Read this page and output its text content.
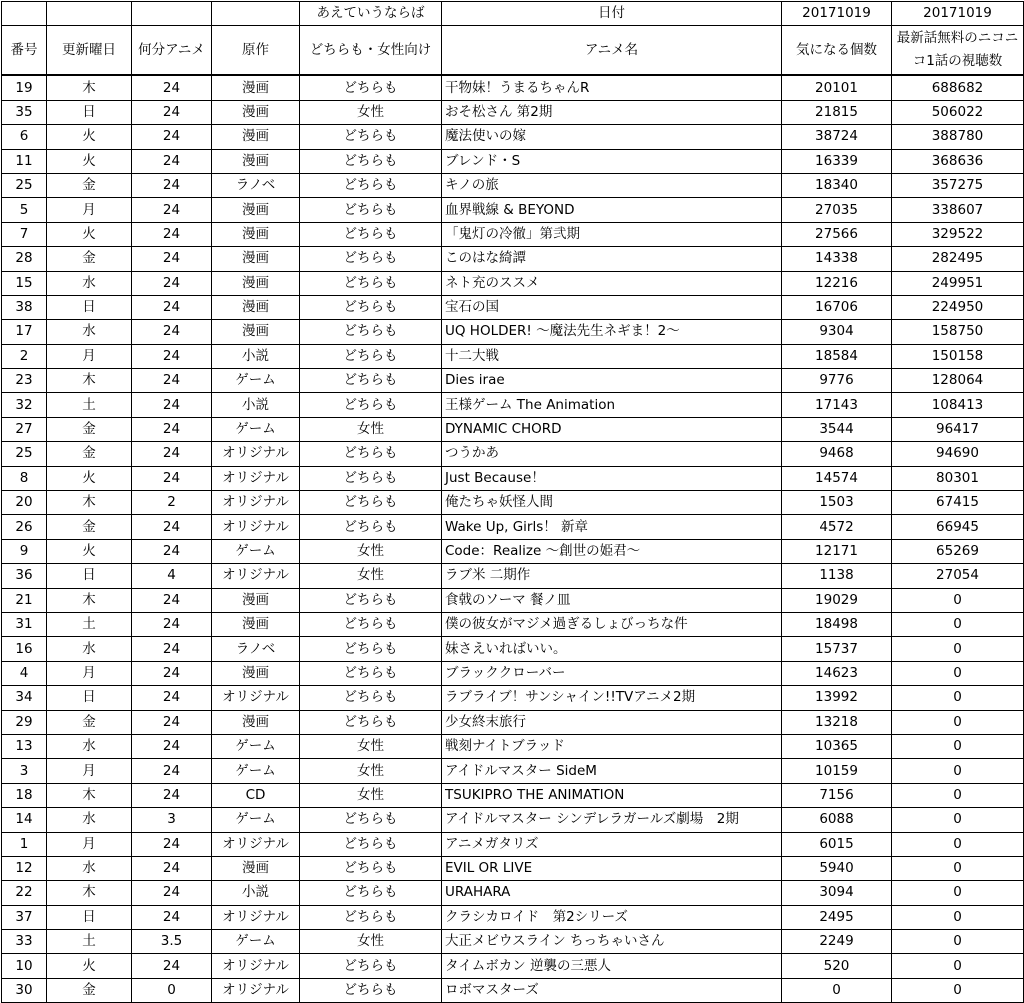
				あえていうならば	日付	20171019	20171019
番号	更新曜日	何分アニメ	原作	どちらも・女性向け	アニメ名	気になる個数	最新話無料のニコニコ1話の視聴数
19	木	24	漫画	どちらも	干物妹！うまるちゃんR	20101	688682
35	日	24	漫画	女性	おそ松さん 第2期	21815	506022
6	火	24	漫画	どちらも	魔法使いの嫁	38724	388780
11	火	24	漫画	どちらも	ブレンド・S	16339	368636
25	金	24	ラノベ	どちらも	キノの旅	18340	357275
5	月	24	漫画	どちらも	血界戦線 & BEYOND	27035	338607
7	火	24	漫画	どちらも	「鬼灯の冷徹」第弐期	27566	329522
28	金	24	漫画	どちらも	このはな綺譚	14338	282495
15	水	24	漫画	どちらも	ネト充のススメ	12216	249951
38	日	24	漫画	どちらも	宝石の国	16706	224950
17	水	24	漫画	どちらも	UQ HOLDER! ～魔法先生ネギま！2～	9304	158750
2	月	24	小説	どちらも	十二大戦	18584	150158
23	木	24	ゲーム	どちらも	Dies irae	9776	128064
32	土	24	小説	どちらも	王様ゲーム The Animation	17143	108413
27	金	24	ゲーム	女性	DYNAMIC CHORD	3544	96417
25	金	24	オリジナル	どちらも	つうかあ	9468	94690
8	火	24	オリジナル	どちらも	Just Because！	14574	80301
20	木	2	オリジナル	どちらも	俺たちゃ妖怪人間	1503	67415
26	金	24	オリジナル	どちらも	Wake Up, Girls！ 新章	4572	66945
9	火	24	ゲーム	女性	Code：Realize ～創世の姫君～	12171	65269
36	日	4	オリジナル	女性	ラブ米 二期作	1138	27054
21	木	24	漫画	どちらも	食戟のソーマ 餐ノ皿	19029	0
31	土	24	漫画	どちらも	僕の彼女がマジメ過ぎるしょびっちな件	18498	0
16	水	24	ラノベ	どちらも	妹さえいればいい。	15737	0
4	月	24	漫画	どちらも	ブラッククローバー	14623	0
34	日	24	オリジナル	どちらも	ラブライブ！サンシャイン!!TVアニメ2期	13992	0
29	金	24	漫画	どちらも	少女終末旅行	13218	0
13	水	24	ゲーム	女性	戦刻ナイトブラッド	10365	0
3	月	24	ゲーム	女性	アイドルマスター SideM	10159	0
18	木	24	CD	女性	TSUKIPRO THE ANIMATION	7156	0
14	水	3	ゲーム	どちらも	アイドルマスター シンデレラガールズ劇場　2期	6088	0
1	月	24	オリジナル	どちらも	アニメガタリズ	6015	0
12	水	24	漫画	どちらも	EVIL OR LIVE	5940	0
22	木	24	小説	どちらも	URAHARA	3094	0
37	日	24	オリジナル	どちらも	クラシカロイド　第2シリーズ	2495	0
33	土	3.5	ゲーム	女性	大正メビウスライン ちっちゃいさん	2249	0
10	火	24	オリジナル	どちらも	タイムボカン 逆襲の三悪人	520	0
30	金	0	オリジナル	どちらも	ロボマスターズ	0	0
